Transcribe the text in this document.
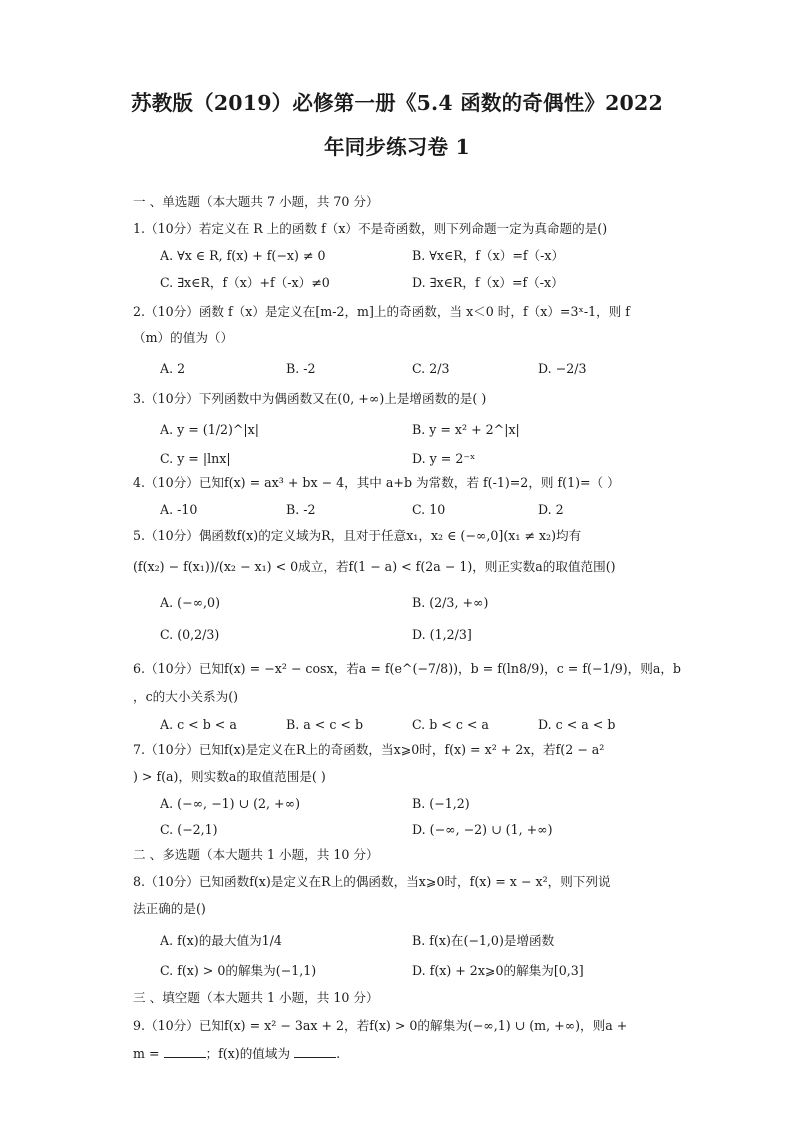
苏教版（2019）必修第一册《5.4 函数的奇偶性》2022
年同步练习卷 1
一 、单选题（本大题共 7 小题，共 70 分）
1.（10分）若定义在 R 上的函数 f（x）不是奇函数，则下列命题一定为真命题的是()
A. ∀x ∈ R, f(x) + f(−x) ≠ 0	B. ∀x∈R，f（x）=f（-x）
C. ∃x∈R，f（x）+f（-x）≠0	D. ∃x∈R，f（x）=f（-x）
2.（10分）函数 f（x）是定义在[m-2，m]上的奇函数，当 x＜0 时，f（x）=3ˣ-1，则 f
（m）的值为（）
A. 2	B. -2	C. 2/3	D. −2/3
3.（10分）下列函数中为偶函数又在(0, +∞)上是增函数的是( )
A. y = (1/2)^|x|	B. y = x² + 2^|x|
C. y = |lnx|	D. y = 2⁻ˣ
4.（10分）已知f(x) = ax³ + bx − 4，其中 a+b 为常数，若 f(-1)=2，则 f(1)=（ ）
A. -10	B. -2	C. 10	D. 2
5.（10分）偶函数f(x)的定义域为R，且对于任意x₁，x₂ ∈ (−∞,0](x₁ ≠ x₂)均有
(f(x₂) − f(x₁))/(x₂ − x₁) < 0成立，若f(1 − a) < f(2a − 1)，则正实数a的取值范围()
A. (−∞,0)	B. (2/3, +∞)
C. (0,2/3)	D. (1,2/3]
6.（10分）已知f(x) = −x² − cosx，若a = f(e^(−7/8))，b = f(ln8/9)，c = f(−1/9)，则a，b
，c的大小关系为()
A. c < b < a	B. a < c < b	C. b < c < a	D. c < a < b
7.（10分）已知f(x)是定义在R上的奇函数，当x⩾0时，f(x) = x² + 2x，若f(2 − a²
) > f(a)，则实数a的取值范围是( )
A. (−∞, −1) ∪ (2, +∞)	B. (−1,2)
C. (−2,1)	D. (−∞, −2) ∪ (1, +∞)
二 、多选题（本大题共 1 小题，共 10 分）
8.（10分）已知函数f(x)是定义在R上的偶函数，当x⩾0时，f(x) = x − x²，则下列说
法正确的是()
A. f(x)的最大值为1/4	B. f(x)在(−1,0)是增函数
C. f(x) > 0的解集为(−1,1)	D. f(x) + 2x⩾0的解集为[0,3]
三 、填空题（本大题共 1 小题，共 10 分）
9.（10分）已知f(x) = x² − 3ax + 2，若f(x) > 0的解集为(−∞,1) ∪ (m, +∞)，则a +
m =	；f(x)的值域为	.
